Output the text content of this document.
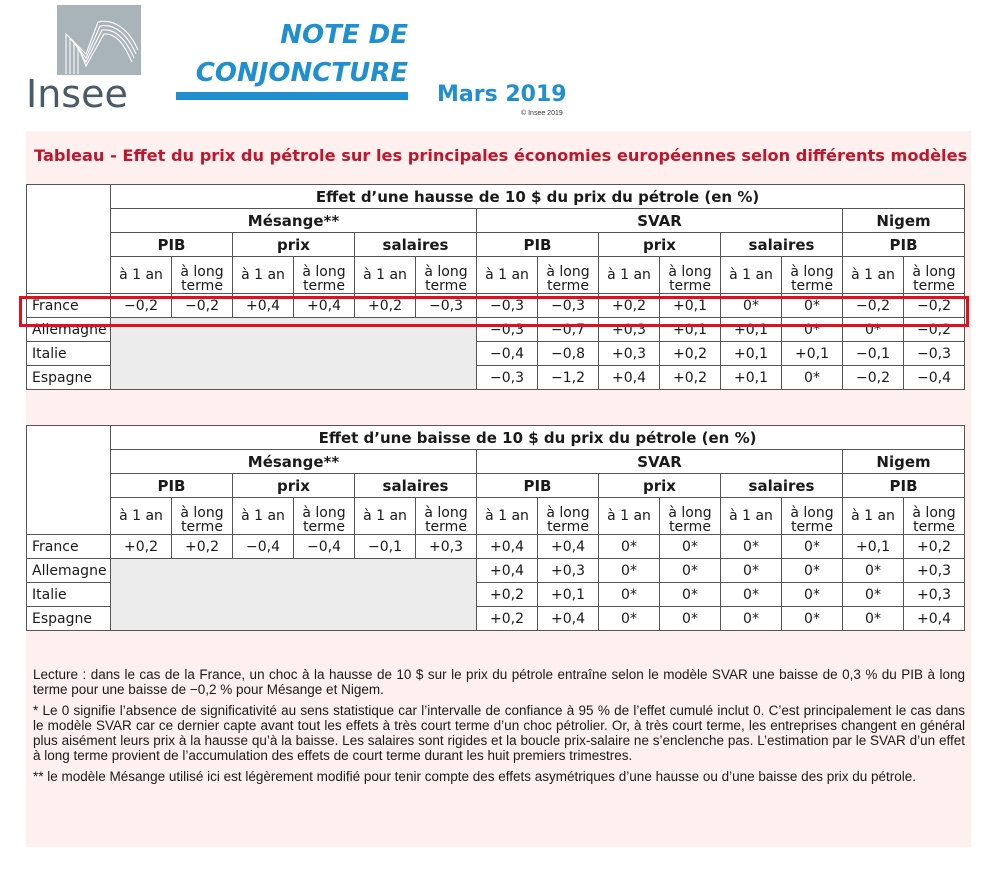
Insee
NOTE DE
CONJONCTURE
Mars 2019
© Insee 2019
Tableau - Effet du prix du pétrole sur les principales économies européennes selon différents modèles
	Effet d’une hausse de 10 $ du prix du pétrole (en %)													
	Mésange**						SVAR						Nigem	
	PIB		prix		salaires		PIB		prix		salaires		PIB	
	à 1 an	à long terme	à 1 an	à long terme	à 1 an	à long terme	à 1 an	à long terme	à 1 an	à long terme	à 1 an	à long terme	à 1 an	à long terme
France	−0,2	−0,2	+0,4	+0,4	+0,2	−0,3	−0,3	−0,3	+0,2	+0,1	0*	0*	−0,2	−0,2
Allemagne							−0,3	−0,7	+0,3	+0,1	+0,1	0*	0*	−0,2
Italie							−0,4	−0,8	+0,3	+0,2	+0,1	+0,1	−0,1	−0,3
Espagne							−0,3	−1,2	+0,4	+0,2	+0,1	0*	−0,2	−0,4
	Effet d’une baisse de 10 $ du prix du pétrole (en %)													
	Mésange**						SVAR						Nigem	
	PIB		prix		salaires		PIB		prix		salaires		PIB	
	à 1 an	à long terme	à 1 an	à long terme	à 1 an	à long terme	à 1 an	à long terme	à 1 an	à long terme	à 1 an	à long terme	à 1 an	à long terme
France	+0,2	+0,2	−0,4	−0,4	−0,1	+0,3	+0,4	+0,4	0*	0*	0*	0*	+0,1	+0,2
Allemagne							+0,4	+0,3	0*	0*	0*	0*	0*	+0,3
Italie							+0,2	+0,1	0*	0*	0*	0*	0*	+0,3
Espagne							+0,2	+0,4	0*	0*	0*	0*	0*	+0,4

Lecture : dans le cas de la France, un choc à la hausse de 10 $ sur le prix du pétrole entraîne selon le modèle SVAR une baisse de 0,3 % du PIB à long terme pour une baisse de −0,2 % pour Mésange et Nigem.

* Le 0 signifie l’absence de significativité au sens statistique car l’intervalle de confiance à 95 % de l’effet cumulé inclut 0. C’est principalement le cas dans le modèle SVAR car ce dernier capte avant tout les effets à très court terme d’un choc pétrolier. Or, à très court terme, les entreprises changent en général plus aisément leurs prix à la hausse qu’à la baisse. Les salaires sont rigides et la boucle prix-salaire ne s’enclenche pas. L’estimation par le SVAR d’un effet à long terme provient de l’accumulation des effets de court terme durant les huit premiers trimestres.

** le modèle Mésange utilisé ici est légèrement modifié pour tenir compte des effets asymétriques d’une hausse ou d’une baisse des prix du pétrole.
